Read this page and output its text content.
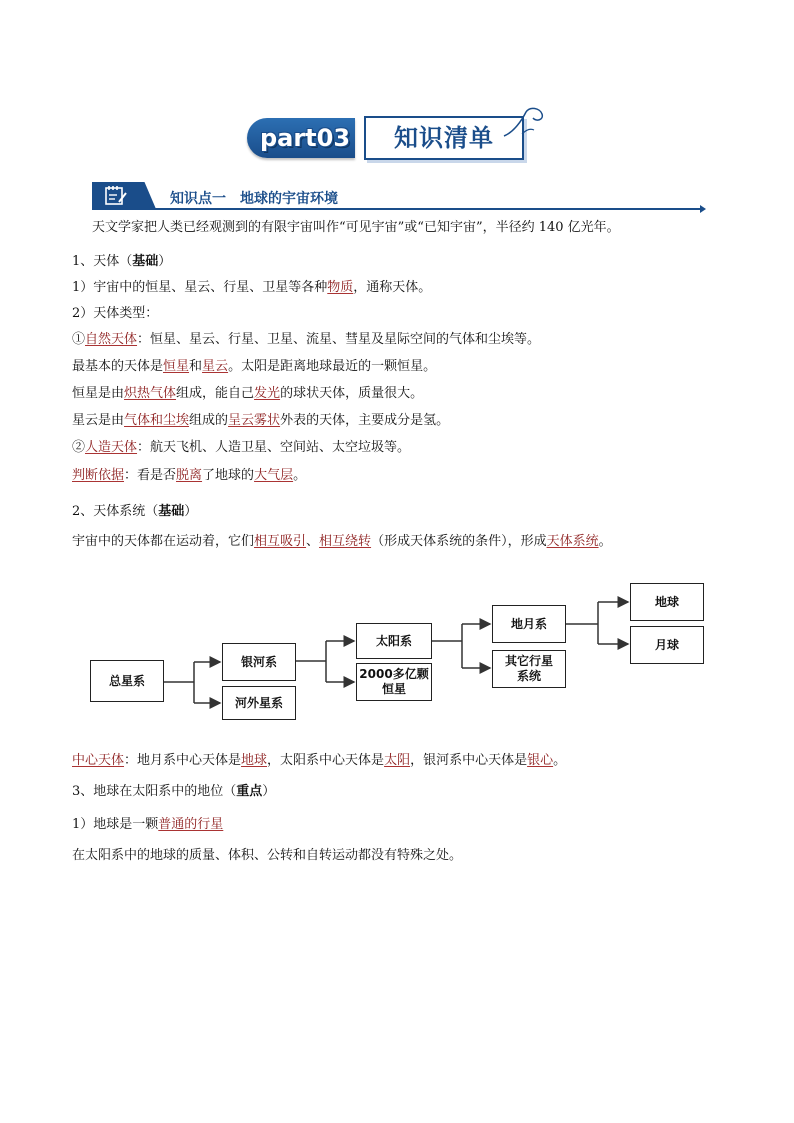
part03	知识清单
知识点一　地球的宇宙环境
天文学家把人类已经观测到的有限宇宙叫作“可见宇宙”或“已知宇宙”，半径约 140 亿光年。
1、天体（基础）
1）宇宙中的恒星、星云、行星、卫星等各种物质，通称天体。
2）天体类型：
①自然天体：恒星、星云、行星、卫星、流星、彗星及星际空间的气体和尘埃等。
最基本的天体是恒星和星云。太阳是距离地球最近的一颗恒星。
恒星是由炽热气体组成，能自己发光的球状天体，质量很大。
星云是由气体和尘埃组成的呈云雾状外表的天体，主要成分是氢。
②人造天体：航天飞机、人造卫星、空间站、太空垃圾等。
判断依据：看是否脱离了地球的大气层。
2、天体系统（基础）
宇宙中的天体都在运动着，它们相互吸引、相互绕转（形成天体系统的条件），形成天体系统。
总星系
银河系
河外星系
太阳系
2000多亿颗
恒星
地月系
其它行星
系统
地球
月球
中心天体：地月系中心天体是地球，太阳系中心天体是太阳，银河系中心天体是银心。
3、地球在太阳系中的地位（重点）
1）地球是一颗普通的行星
在太阳系中的地球的质量、体积、公转和自转运动都没有特殊之处。
